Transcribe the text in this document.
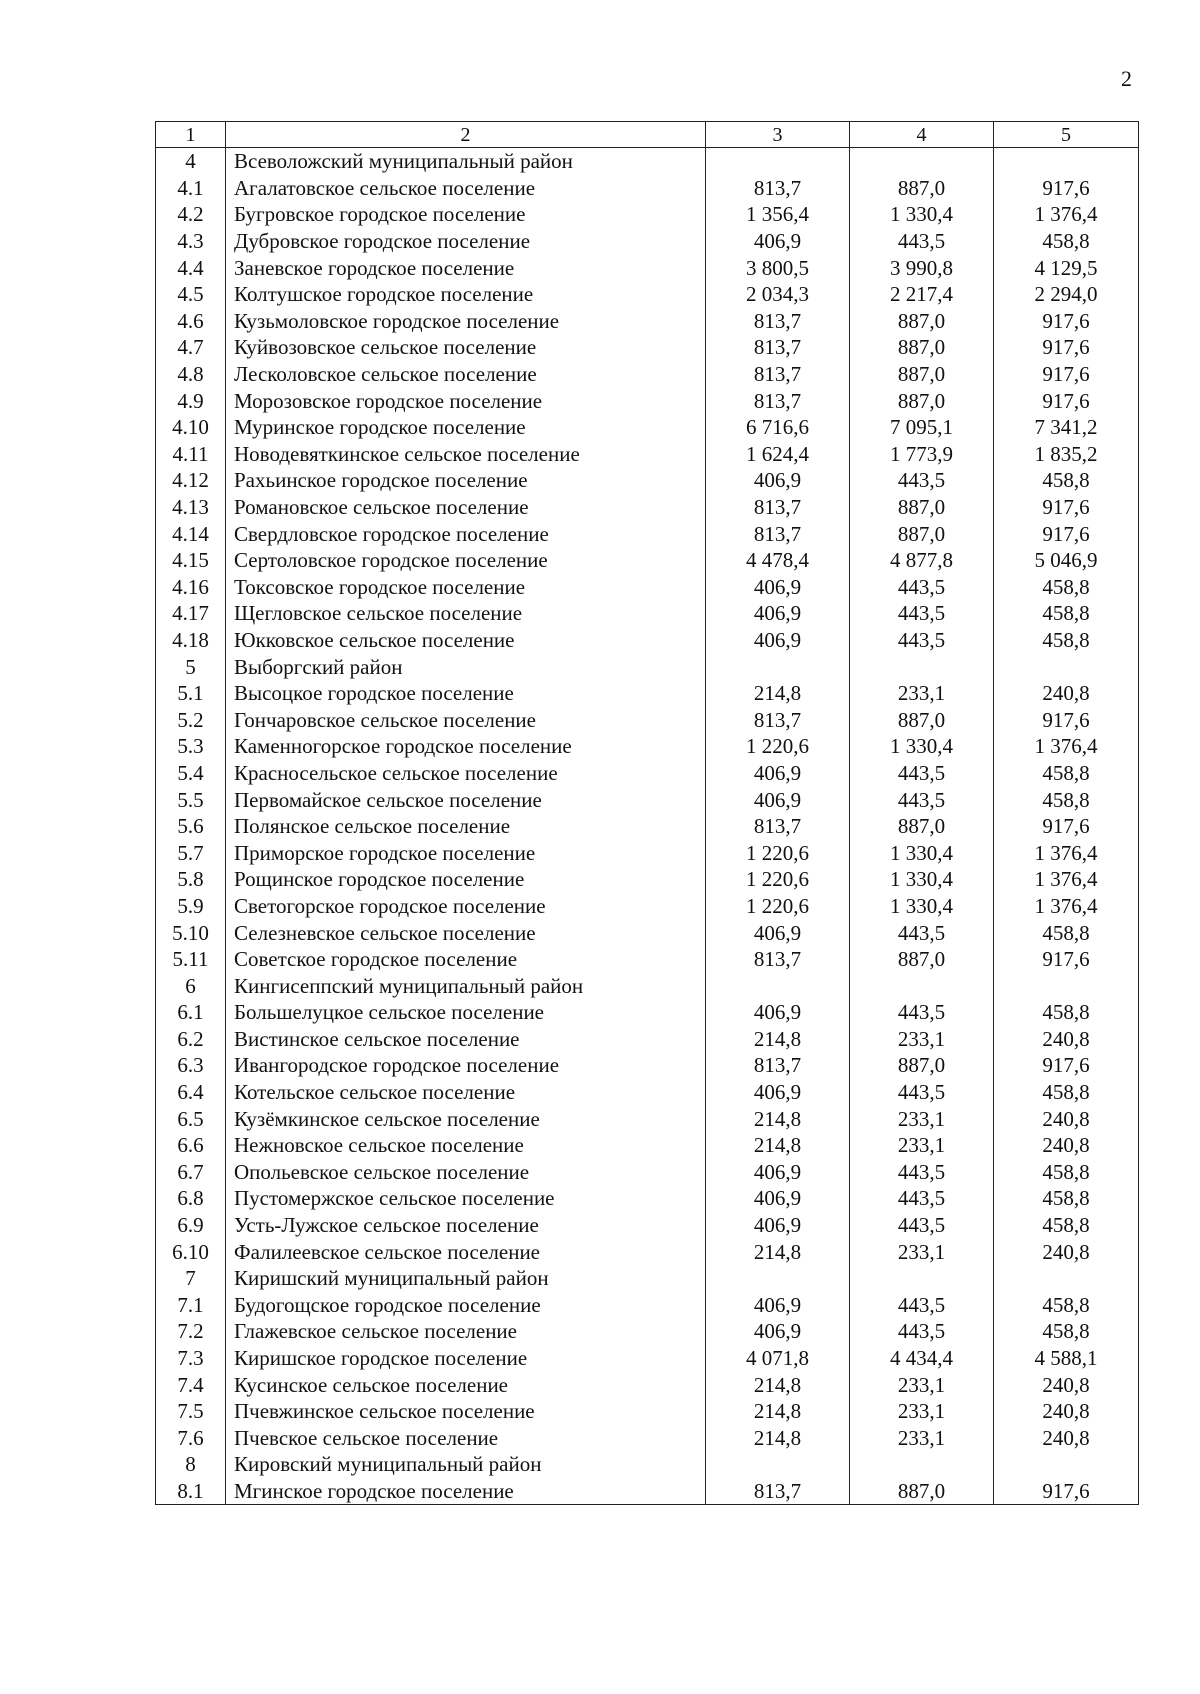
2
1	2	3	4	5
4	Всеволожский муниципальный район			
4.1	Агалатовское сельское поселение	813,7	887,0	917,6
4.2	Бугровское городское поселение	1 356,4	1 330,4	1 376,4
4.3	Дубровское городское поселение	406,9	443,5	458,8
4.4	Заневское городское поселение	3 800,5	3 990,8	4 129,5
4.5	Колтушское городское поселение	2 034,3	2 217,4	2 294,0
4.6	Кузьмоловское городское поселение	813,7	887,0	917,6
4.7	Куйвозовское сельское поселение	813,7	887,0	917,6
4.8	Лесколовское сельское поселение	813,7	887,0	917,6
4.9	Морозовское городское поселение	813,7	887,0	917,6
4.10	Муринское городское поселение	6 716,6	7 095,1	7 341,2
4.11	Новодевяткинское сельское поселение	1 624,4	1 773,9	1 835,2
4.12	Рахьинское городское поселение	406,9	443,5	458,8
4.13	Романовское сельское поселение	813,7	887,0	917,6
4.14	Свердловское городское поселение	813,7	887,0	917,6
4.15	Сертоловское городское поселение	4 478,4	4 877,8	5 046,9
4.16	Токсовское городское поселение	406,9	443,5	458,8
4.17	Щегловское сельское поселение	406,9	443,5	458,8
4.18	Юкковское сельское поселение	406,9	443,5	458,8
5	Выборгский район			
5.1	Высоцкое городское поселение	214,8	233,1	240,8
5.2	Гончаровское сельское поселение	813,7	887,0	917,6
5.3	Каменногорское городское поселение	1 220,6	1 330,4	1 376,4
5.4	Красносельское сельское поселение	406,9	443,5	458,8
5.5	Первомайское сельское поселение	406,9	443,5	458,8
5.6	Полянское сельское поселение	813,7	887,0	917,6
5.7	Приморское городское поселение	1 220,6	1 330,4	1 376,4
5.8	Рощинское городское поселение	1 220,6	1 330,4	1 376,4
5.9	Светогорское городское поселение	1 220,6	1 330,4	1 376,4
5.10	Селезневское сельское поселение	406,9	443,5	458,8
5.11	Советское городское поселение	813,7	887,0	917,6
6	Кингисеппский муниципальный район			
6.1	Большелуцкое сельское поселение	406,9	443,5	458,8
6.2	Вистинское сельское поселение	214,8	233,1	240,8
6.3	Ивангородское городское поселение	813,7	887,0	917,6
6.4	Котельское сельское поселение	406,9	443,5	458,8
6.5	Кузёмкинское сельское поселение	214,8	233,1	240,8
6.6	Нежновское сельское поселение	214,8	233,1	240,8
6.7	Опольевское сельское поселение	406,9	443,5	458,8
6.8	Пустомержское сельское поселение	406,9	443,5	458,8
6.9	Усть-Лужское сельское поселение	406,9	443,5	458,8
6.10	Фалилеевское сельское поселение	214,8	233,1	240,8
7	Киришский муниципальный район			
7.1	Будогощское городское поселение	406,9	443,5	458,8
7.2	Глажевское сельское поселение	406,9	443,5	458,8
7.3	Киришское городское поселение	4 071,8	4 434,4	4 588,1
7.4	Кусинское сельское поселение	214,8	233,1	240,8
7.5	Пчевжинское сельское поселение	214,8	233,1	240,8
7.6	Пчевское сельское поселение	214,8	233,1	240,8
8	Кировский муниципальный район			
8.1	Мгинское городское поселение	813,7	887,0	917,6
